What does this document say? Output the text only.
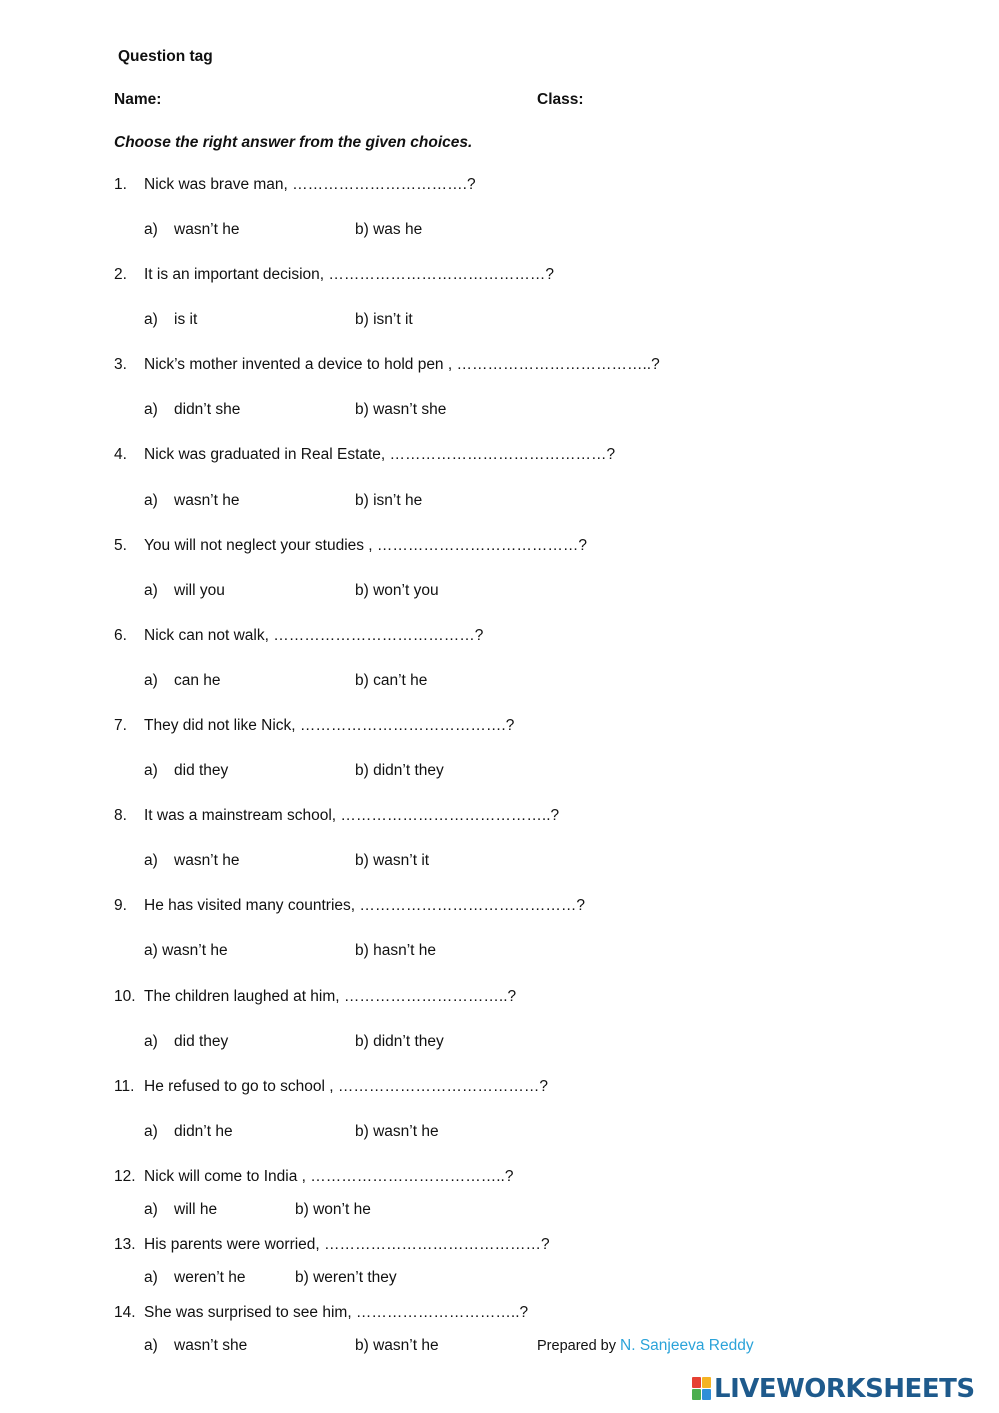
Question tag
Name:	Class:
Choose the right answer from the given choices.
1. Nick was brave man, …………………………….?
a) wasn’t he	b) was he
2. It is an important decision, ……………………………………?
a) is it	b) isn’t it
3. Nick’s mother invented a device to hold pen , ………………………………..?
a) didn’t she	b) wasn’t she
4. Nick was graduated in Real Estate, ……………………………………?
a) wasn’t he	b) isn’t he
5. You will not neglect your studies , …………………………………?
a) will you	b) won’t you
6. Nick can not walk, …………………………………?
a) can he	b) can’t he
7. They did not like Nick, ………………………………….?
a) did they	b) didn’t they
8. It was a mainstream school, …………………………………..?
a) wasn’t he	b) wasn’t it
9. He has visited many countries, ……………………………………?
a) wasn’t he	b) hasn’t he
10. The children laughed at him, …………………………..?
a) did they	b) didn’t they
11. He refused to go to school , …………………………………?
a) didn’t he	b) wasn’t he
12. Nick will come to India , ………………………………..?
a) will he	b) won’t he
13. His parents were worried, ……………………………………?
a) weren’t he	b) weren’t they
14. She was surprised to see him, …………………………..?
a) wasn’t she	b) wasn’t he	Prepared by N. Sanjeeva Reddy
LIVEWORKSHEETS
